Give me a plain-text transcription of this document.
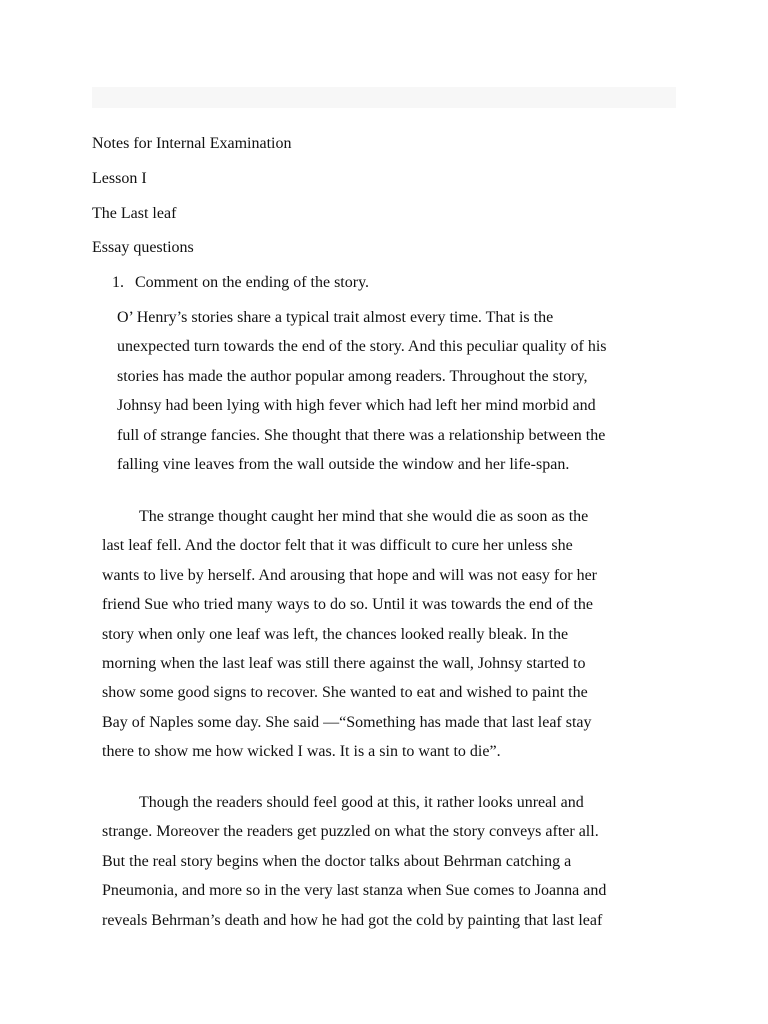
Notes for Internal Examination
Lesson I
The Last leaf
Essay questions
1. Comment on the ending of the story.
O’ Henry’s stories share a typical trait almost every time. That is the
unexpected turn towards the end of the story. And this peculiar quality of his
stories has made the author popular among readers. Throughout the story,
Johnsy had been lying with high fever which had left her mind morbid and
full of strange fancies. She thought that there was a relationship between the
falling vine leaves from the wall outside the window and her life-span.
The strange thought caught her mind that she would die as soon as the
last leaf fell. And the doctor felt that it was difficult to cure her unless she
wants to live by herself. And arousing that hope and will was not easy for her
friend Sue who tried many ways to do so. Until it was towards the end of the
story when only one leaf was left, the chances looked really bleak. In the
morning when the last leaf was still there against the wall, Johnsy started to
show some good signs to recover. She wanted to eat and wished to paint the
Bay of Naples some day. She said —“Something has made that last leaf stay
there to show me how wicked I was. It is a sin to want to die”.
Though the readers should feel good at this, it rather looks unreal and
strange. Moreover the readers get puzzled on what the story conveys after all.
But the real story begins when the doctor talks about Behrman catching a
Pneumonia, and more so in the very last stanza when Sue comes to Joanna and
reveals Behrman’s death and how he had got the cold by painting that last leaf
